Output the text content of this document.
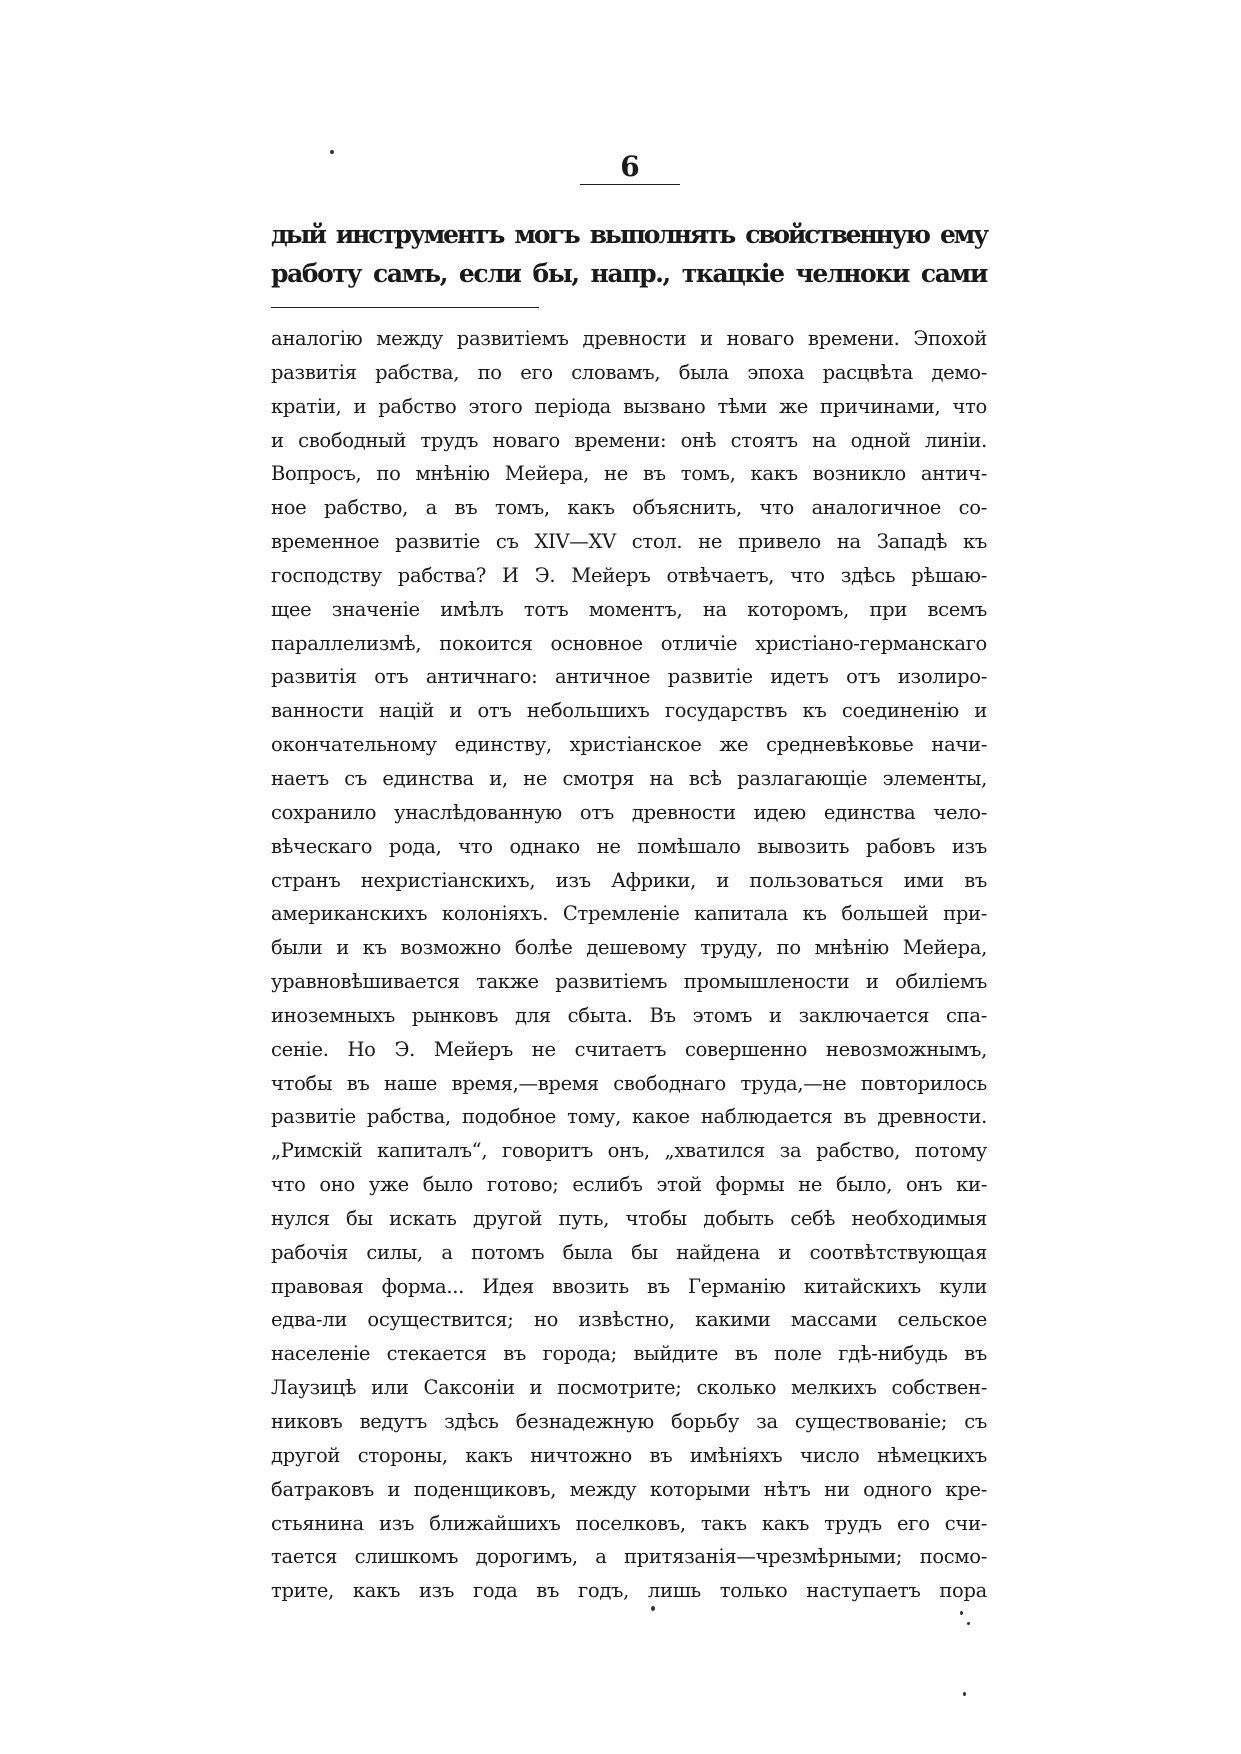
6
дый инструментъ могъ выполнять свойственную ему
работу самъ, если бы, напр., ткацкіе челноки сами
аналогію между развитіемъ древности и новаго времени. Эпохой
развитія рабства, по его словамъ, была эпоха расцвѣта демо-
кратіи, и рабство этого періода вызвано тѣми же причинами, что
и свободный трудъ новаго времени: онѣ стоятъ на одной линіи.
Вопросъ, по мнѣнію Мейера, не въ томъ, какъ возникло антич-
ное рабство, а въ томъ, какъ объяснить, что аналогичное со-
временное развитіе съ XIV—XV стол. не привело на Западѣ къ
господству рабства? И Э. Мейеръ отвѣчаетъ, что здѣсь рѣшаю-
щее значеніе имѣлъ тотъ моментъ, на которомъ, при всемъ
параллелизмѣ, покоится основное отличіе христіано-германскаго
развитія отъ античнаго: античное развитіе идетъ отъ изолиро-
ванности націй и отъ небольшихъ государствъ къ соединенію и
окончательному единству, христіанское же средневѣковье начи-
наетъ съ единства и, не смотря на всѣ разлагающіе элементы,
сохранило унаслѣдованную отъ древности идею единства чело-
вѣческаго рода, что однако не помѣшало вывозить рабовъ изъ
странъ нехристіанскихъ, изъ Африки, и пользоваться ими въ
американскихъ колоніяхъ. Стремленіе капитала къ большей при-
были и къ возможно болѣе дешевому труду, по мнѣнію Мейера,
уравновѣшивается также развитіемъ промышлености и обиліемъ
иноземныхъ рынковъ для сбыта. Въ этомъ и заключается спа-
сеніе. Но Э. Мейеръ не считаетъ совершенно невозможнымъ,
чтобы въ наше время,—время свободнаго труда,—не повторилось
развитіе рабства, подобное тому, какое наблюдается въ древности.
„Римскій капиталъ“, говоритъ онъ, „хватился за рабство, потому
что оно уже было готово; еслибъ этой формы не было, онъ ки-
нулся бы искать другой путь, чтобы добыть себѣ необходимыя
рабочія силы, а потомъ была бы найдена и соотвѣтствующая
правовая форма... Идея ввозить въ Германію китайскихъ кули
едва-ли осуществится; но извѣстно, какими массами сельское
населеніе стекается въ города; выйдите въ поле гдѣ-нибудь въ
Лаузицѣ или Саксоніи и посмотрите; сколько мелкихъ собствен-
никовъ ведутъ здѣсь безнадежную борьбу за существованіе; съ
другой стороны, какъ ничтожно въ имѣніяхъ число нѣмецкихъ
батраковъ и поденщиковъ, между которыми нѣтъ ни одного кре-
стьянина изъ ближайшихъ поселковъ, такъ какъ трудъ его счи-
тается слишкомъ дорогимъ, а притязанія—чрезмѣрными; посмо-
трите, какъ изъ года въ годъ, лишь только наступаетъ пора
